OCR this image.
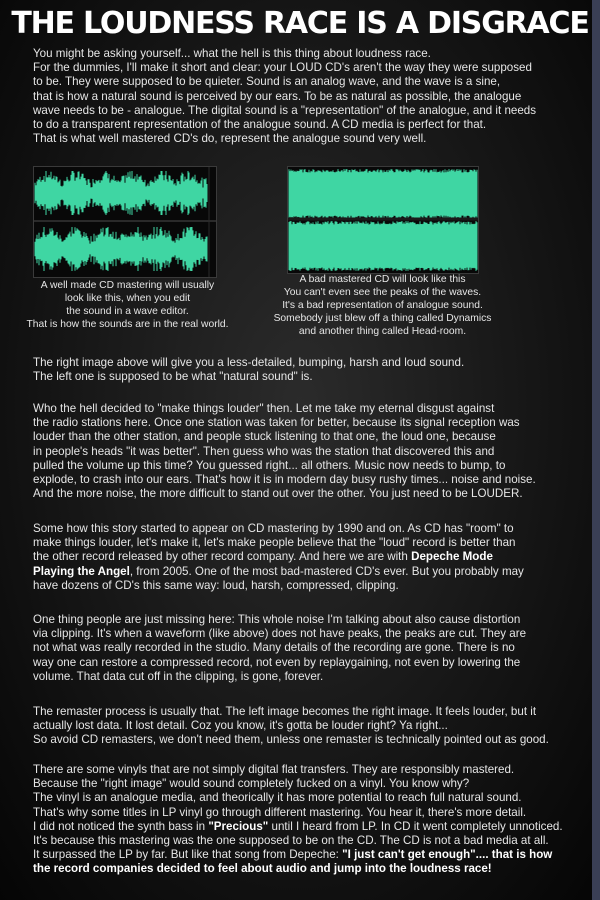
THE LOUDNESS RACE IS A DISGRACE
You might be asking yourself... what the hell is this thing about loudness race.
For the dummies, I'll make it short and clear: your LOUD CD's aren't the way they were supposed
to be. They were supposed to be quieter. Sound is an analog wave, and the wave is a sine,
that is how a natural sound is perceived by our ears. To be as natural as possible, the analogue
wave needs to be - analogue. The digital sound is a "representation" of the analogue, and it needs
to do a transparent representation of the analogue sound. A CD media is perfect for that.
That is what well mastered CD's do, represent the analogue sound very well.
A well made CD mastering will usually
look like this, when you edit
the sound in a wave editor.
That is how the sounds are in the real world.
A bad mastered CD will look like this
You can't even see the peaks of the waves.
It's a bad representation of analogue sound.
Somebody just blew off a thing called Dynamics
and another thing called Head-room.
The right image above will give you a less-detailed, bumping, harsh and loud sound.
The left one is supposed to be what "natural sound" is.
Who the hell decided to "make things louder" then. Let me take my eternal disgust against
the radio stations here. Once one station was taken for better, because its signal reception was
louder than the other station, and people stuck listening to that one, the loud one, because
in people's heads "it was better". Then guess who was the station that discovered this and
pulled the volume up this time? You guessed right... all others. Music now needs to bump, to
explode, to crash into our ears. That's how it is in modern day busy rushy times... noise and noise.
And the more noise, the more difficult to stand out over the other. You just need to be LOUDER.
Some how this story started to appear on CD mastering by 1990 and on. As CD has "room" to
make things louder, let's make it, let's make people believe that the "loud" record is better than
the other record released by other record company. And here we are with Depeche Mode
Playing the Angel, from 2005. One of the most bad-mastered CD's ever. But you probably may
have dozens of CD's this same way: loud, harsh, compressed, clipping.
One thing people are just missing here: This whole noise I'm talking about also cause distortion
via clipping. It's when a waveform (like above) does not have peaks, the peaks are cut. They are
not what was really recorded in the studio. Many details of the recording are gone. There is no
way one can restore a compressed record, not even by replaygaining, not even by lowering the
volume. That data cut off in the clipping, is gone, forever.
The remaster process is usually that. The left image becomes the right image. It feels louder, but it
actually lost data. It lost detail. Coz you know, it's gotta be louder right? Ya right...
So avoid CD remasters, we don't need them, unless one remaster is technically pointed out as good.
There are some vinyls that are not simply digital flat transfers. They are responsibly mastered.
Because the "right image" would sound completely fucked on a vinyl. You know why?
The vinyl is an analogue media, and theorically it has more potential to reach full natural sound.
That's why some titles in LP vinyl go through different mastering. You hear it, there's more detail.
I did not noticed the synth bass in "Precious" until I heard from LP. In CD it went completely unnoticed.
It's because this mastering was the one supposed to be on the CD. The CD is not a bad media at all.
It surpassed the LP by far. But like that song from Depeche: "I just can't get enough".... that is how
the record companies decided to feel about audio and jump into the loudness race!
